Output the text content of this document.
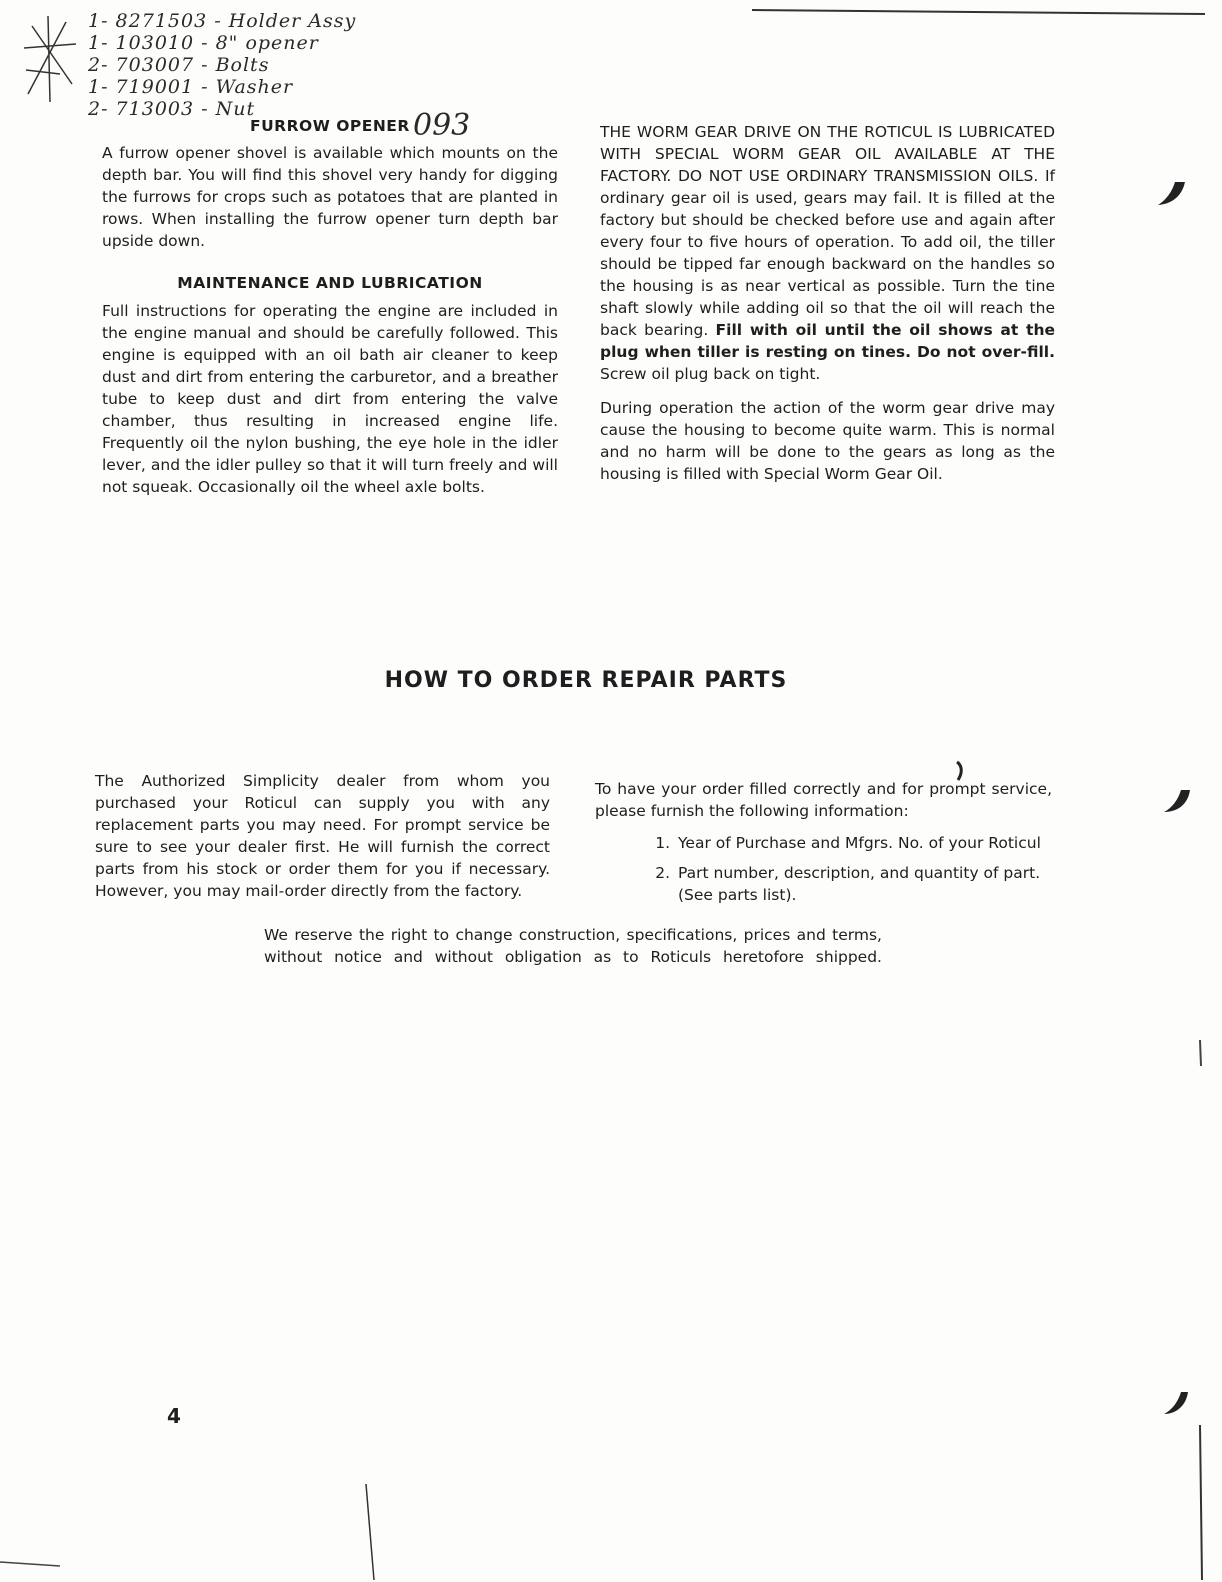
1- 8271503 - Holder Assy
1- 103010 - 8" opener
2- 703007 - Bolts
1- 719001 - Washer
2- 713003 - Nut	093
FURROW OPENER

A furrow opener shovel is available which mounts on the depth bar. You will find this shovel very handy for digging the furrows for crops such as potatoes that are planted in rows. When installing the furrow opener turn depth bar upside down.

MAINTENANCE AND LUBRICATION

Full instructions for operating the engine are included in the engine manual and should be carefully followed. This engine is equipped with an oil bath air cleaner to keep dust and dirt from entering the carburetor, and a breather tube to keep dust and dirt from entering the valve chamber, thus resulting in increased engine life. Frequently oil the nylon bushing, the eye hole in the idler lever, and the idler pulley so that it will turn freely and will not squeak. Occasionally oil the wheel axle bolts.

THE WORM GEAR DRIVE ON THE ROTICUL IS LUBRICATED WITH SPECIAL WORM GEAR OIL AVAILABLE AT THE FACTORY. DO NOT USE ORDINARY TRANSMISSION OILS. If ordinary gear oil is used, gears may fail. It is filled at the factory but should be checked before use and again after every four to five hours of operation. To add oil, the tiller should be tipped far enough backward on the handles so the housing is as near vertical as possible. Turn the tine shaft slowly while adding oil so that the oil will reach the back bearing. Fill with oil until the oil shows at the plug when tiller is resting on tines. Do not over-fill. Screw oil plug back on tight.

During operation the action of the worm gear drive may cause the housing to become quite warm. This is normal and no harm will be done to the gears as long as the housing is filled with Special Worm Gear Oil.

HOW TO ORDER REPAIR PARTS

The Authorized Simplicity dealer from whom you purchased your Roticul can supply you with any replacement parts you may need. For prompt service be sure to see your dealer first. He will furnish the correct parts from his stock or order them for you if necessary. However, you may mail-order directly from the factory.

To have your order filled correctly and for prompt service, please furnish the following information:

1. Year of Purchase and Mfgrs. No. of your Roticul
2. Part number, description, and quantity of part. (See parts list).
We reserve the right to change construction, specifications, prices and terms, without notice and without obligation as to Roticuls heretofore shipped.
4
